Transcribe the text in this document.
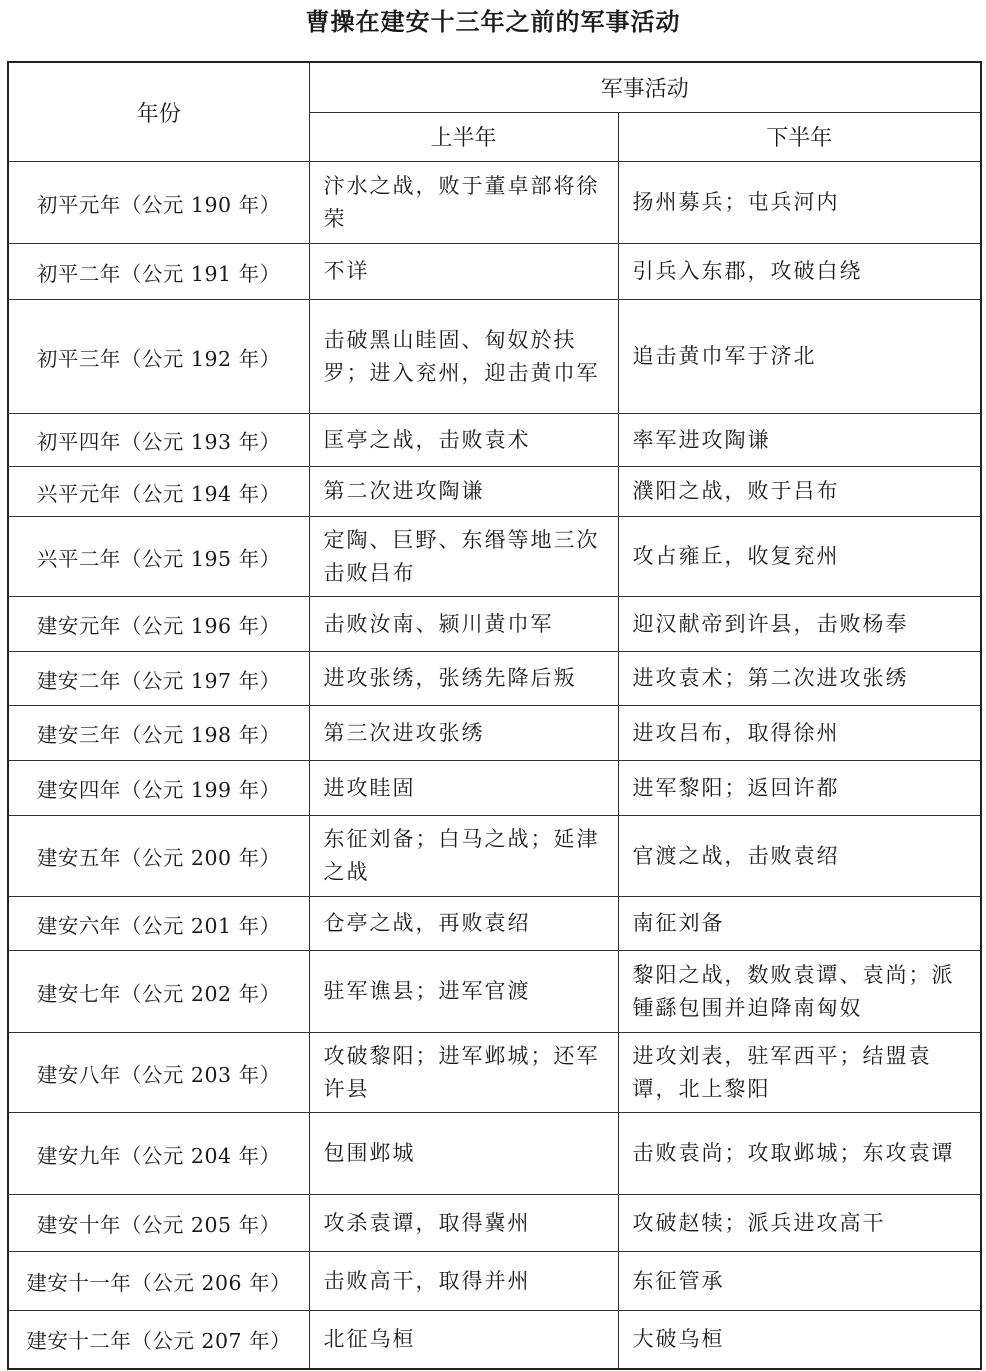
曹操在建安十三年之前的军事活动
年份	军事活动	
	上半年	下半年
初平元年（公元 190 年）	汴水之战，败于董卓部将徐荣	扬州募兵；屯兵河内
初平二年（公元 191 年）	不详	引兵入东郡，攻破白绕
初平三年（公元 192 年）	击破黑山眭固、匈奴於扶罗；进入兖州，迎击黄巾军	追击黄巾军于济北
初平四年（公元 193 年）	匡亭之战，击败袁术	率军进攻陶谦
兴平元年（公元 194 年）	第二次进攻陶谦	濮阳之战，败于吕布
兴平二年（公元 195 年）	定陶、巨野、东缗等地三次击败吕布	攻占雍丘，收复兖州
建安元年（公元 196 年）	击败汝南、颍川黄巾军	迎汉献帝到许县，击败杨奉
建安二年（公元 197 年）	进攻张绣，张绣先降后叛	进攻袁术；第二次进攻张绣
建安三年（公元 198 年）	第三次进攻张绣	进攻吕布，取得徐州
建安四年（公元 199 年）	进攻眭固	进军黎阳；返回许都
建安五年（公元 200 年）	东征刘备；白马之战；延津之战	官渡之战，击败袁绍
建安六年（公元 201 年）	仓亭之战，再败袁绍	南征刘备
建安七年（公元 202 年）	驻军谯县；进军官渡	黎阳之战，数败袁谭、袁尚；派锺繇包围并迫降南匈奴
建安八年（公元 203 年）	攻破黎阳；进军邺城；还军许县	进攻刘表，驻军西平；结盟袁谭，北上黎阳
建安九年（公元 204 年）	包围邺城	击败袁尚；攻取邺城；东攻袁谭
建安十年（公元 205 年）	攻杀袁谭，取得冀州	攻破赵犊；派兵进攻高干
建安十一年（公元 206 年）	击败高干，取得并州	东征管承
建安十二年（公元 207 年）	北征乌桓	大破乌桓
